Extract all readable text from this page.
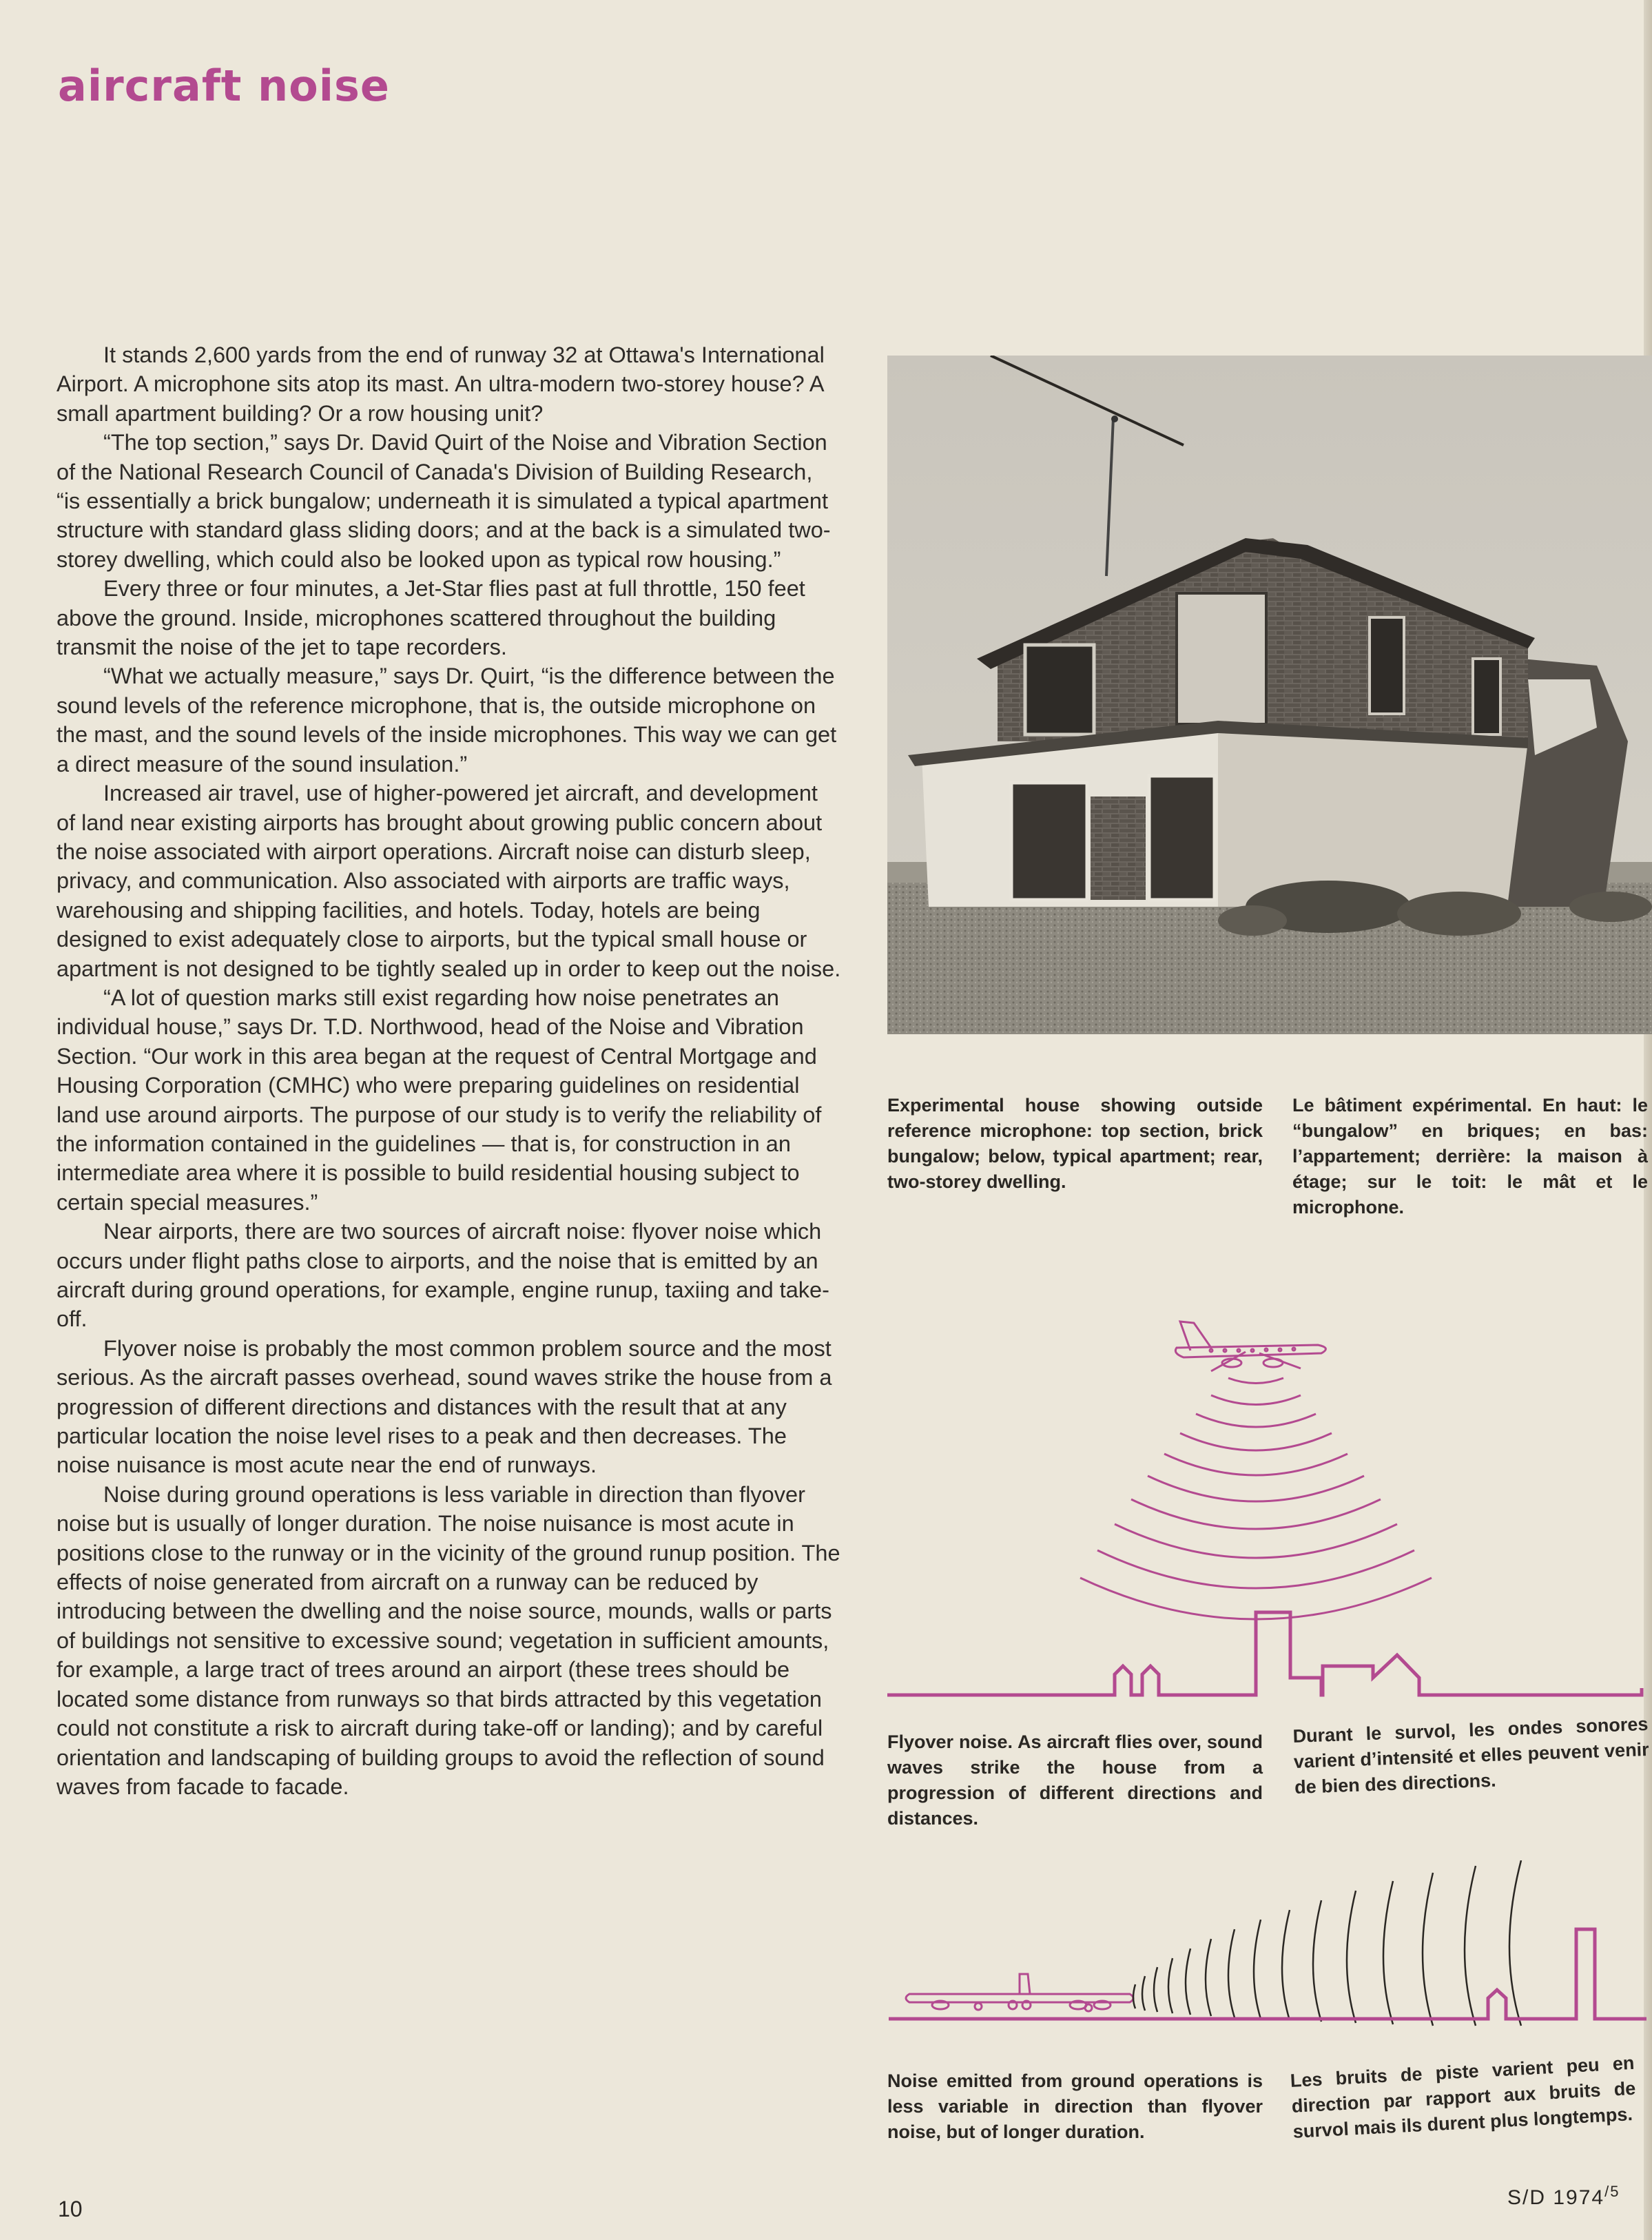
aircraft noise

It stands 2,600 yards from the end of runway 32 at Ottawa's International Airport. A microphone sits atop its mast. An ultra-modern two-storey house? A small apartment building? Or a row housing unit?

“The top section,” says Dr. David Quirt of the Noise and Vibration Section of the National Research Council of Canada's Division of Building Research, “is essentially a brick bungalow; underneath it is simulated a typical apartment structure with standard glass sliding doors; and at the back is a simulated two-storey dwelling, which could also be looked upon as typical row housing.”

Every three or four minutes, a Jet-Star flies past at full throttle, 150 feet above the ground. Inside, microphones scattered throughout the building transmit the noise of the jet to tape recorders.

“What we actually measure,” says Dr. Quirt, “is the difference between the sound levels of the reference microphone, that is, the outside microphone on the mast, and the sound levels of the inside microphones. This way we can get a direct measure of the sound insulation.”

Increased air travel, use of higher-powered jet aircraft, and development of land near existing airports has brought about growing public concern about the noise associated with airport operations. Aircraft noise can disturb sleep, privacy, and communication. Also associated with airports are traffic ways, warehousing and shipping facilities, and hotels. Today, hotels are being designed to exist adequately close to airports, but the typical small house or apartment is not designed to be tightly sealed up in order to keep out the noise.

“A lot of question marks still exist regarding how noise penetrates an individual house,” says Dr. T.D. Northwood, head of the Noise and Vibration Section. “Our work in this area began at the request of Central Mortgage and Housing Corporation (CMHC) who were preparing guidelines on residential land use around airports. The purpose of our study is to verify the reliability of the information contained in the guidelines — that is, for construction in an intermediate area where it is possible to build residential housing subject to certain special measures.”

Near airports, there are two sources of aircraft noise: flyover noise which occurs under flight paths close to airports, and the noise that is emitted by an aircraft during ground operations, for example, engine runup, taxiing and take-off.

Flyover noise is probably the most common problem source and the most serious. As the aircraft passes overhead, sound waves strike the house from a progression of different directions and distances with the result that at any particular location the noise level rises to a peak and then decreases. The noise nuisance is most acute near the end of runways.

Noise during ground operations is less variable in direction than flyover noise but is usually of longer duration. The noise nuisance is most acute in positions close to the runway or in the vicinity of the ground runup position. The effects of noise generated from aircraft on a runway can be reduced by introducing between the dwelling and the noise source, mounds, walls or parts of buildings not sensitive to excessive sound; vegetation in sufficient amounts, for example, a large tract of trees around an airport (these trees should be located some distance from runways so that birds attracted by this vegetation could not constitute a risk to aircraft during take-off or landing); and by careful orientation and landscaping of building groups to avoid the reflection of sound waves from facade to facade.

Experimental house showing outside reference microphone: top section, brick bungalow; below, typical apartment; rear, two-storey dwelling.

Le bâtiment expérimental. En haut: le “bungalow” en briques; en bas: l’appartement; derrière: la maison à étage; sur le toit: le mât et le microphone.

Flyover noise. As aircraft flies over, sound waves strike the house from a progression of different directions and distances.

Durant le survol, les ondes sonores varient d’intensité et elles peuvent venir de bien des directions.

Noise emitted from ground operations is less variable in direction than flyover noise, but of longer duration.

Les bruits de piste varient peu en direction par rapport aux bruits de survol mais ils durent plus longtemps.

10	S/D $1974^{/5}$
